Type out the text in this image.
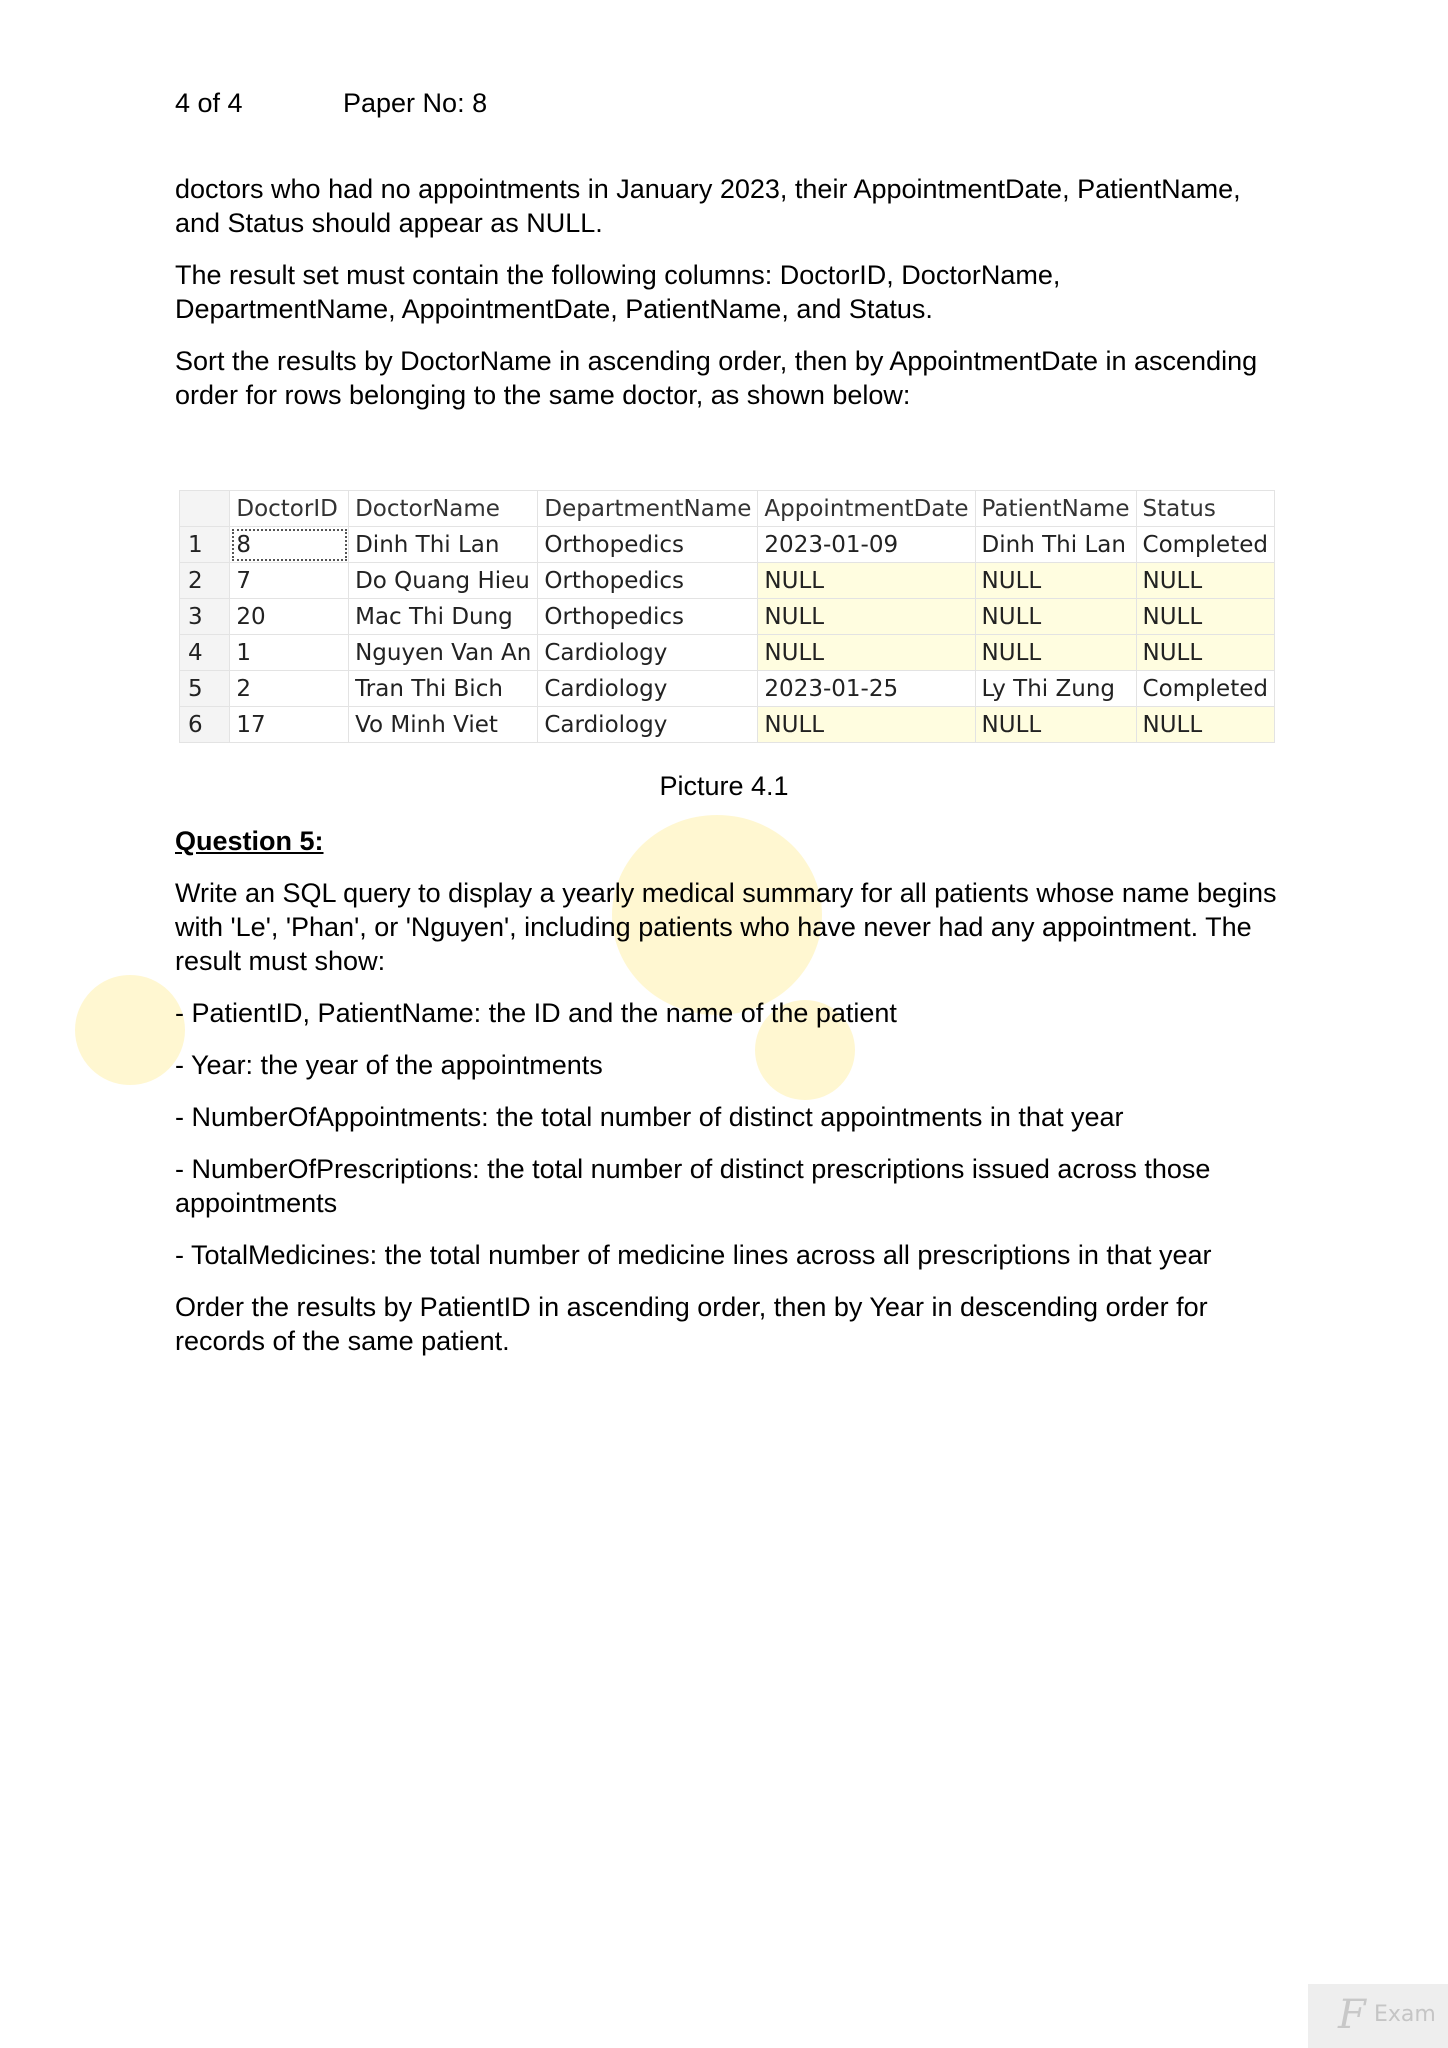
4 of 4	Paper No: 8

doctors who had no appointments in January 2023, their AppointmentDate, PatientName, and Status should appear as NULL.

The result set must contain the following columns: DoctorID, DoctorName, DepartmentName, AppointmentDate, PatientName, and Status.

Sort the results by DoctorName in ascending order, then by AppointmentDate in ascending order for rows belonging to the same doctor, as shown below:

	DoctorID	DoctorName	DepartmentName	AppointmentDate	PatientName	Status
1	8	Dinh Thi Lan	Orthopedics	2023-01-09	Dinh Thi Lan	Completed
2	7	Do Quang Hieu	Orthopedics	NULL	NULL	NULL
3	20	Mac Thi Dung	Orthopedics	NULL	NULL	NULL
4	1	Nguyen Van An	Cardiology	NULL	NULL	NULL
5	2	Tran Thi Bich	Cardiology	2023-01-25	Ly Thi Zung	Completed
6	17	Vo Minh Viet	Cardiology	NULL	NULL	NULL
Picture 4.1
Question 5:

Write an SQL query to display a yearly medical summary for all patients whose name begins with 'Le', 'Phan', or 'Nguyen', including patients who have never had any appointment. The result must show:

- PatientID, PatientName: the ID and the name of the patient

- Year: the year of the appointments

- NumberOfAppointments: the total number of distinct appointments in that year

- NumberOfPrescriptions: the total number of distinct prescriptions issued across those appointments

- TotalMedicines: the total number of medicine lines across all prescriptions in that year

Order the results by PatientID in ascending order, then by Year in descending order for records of the same patient.

F Exam
